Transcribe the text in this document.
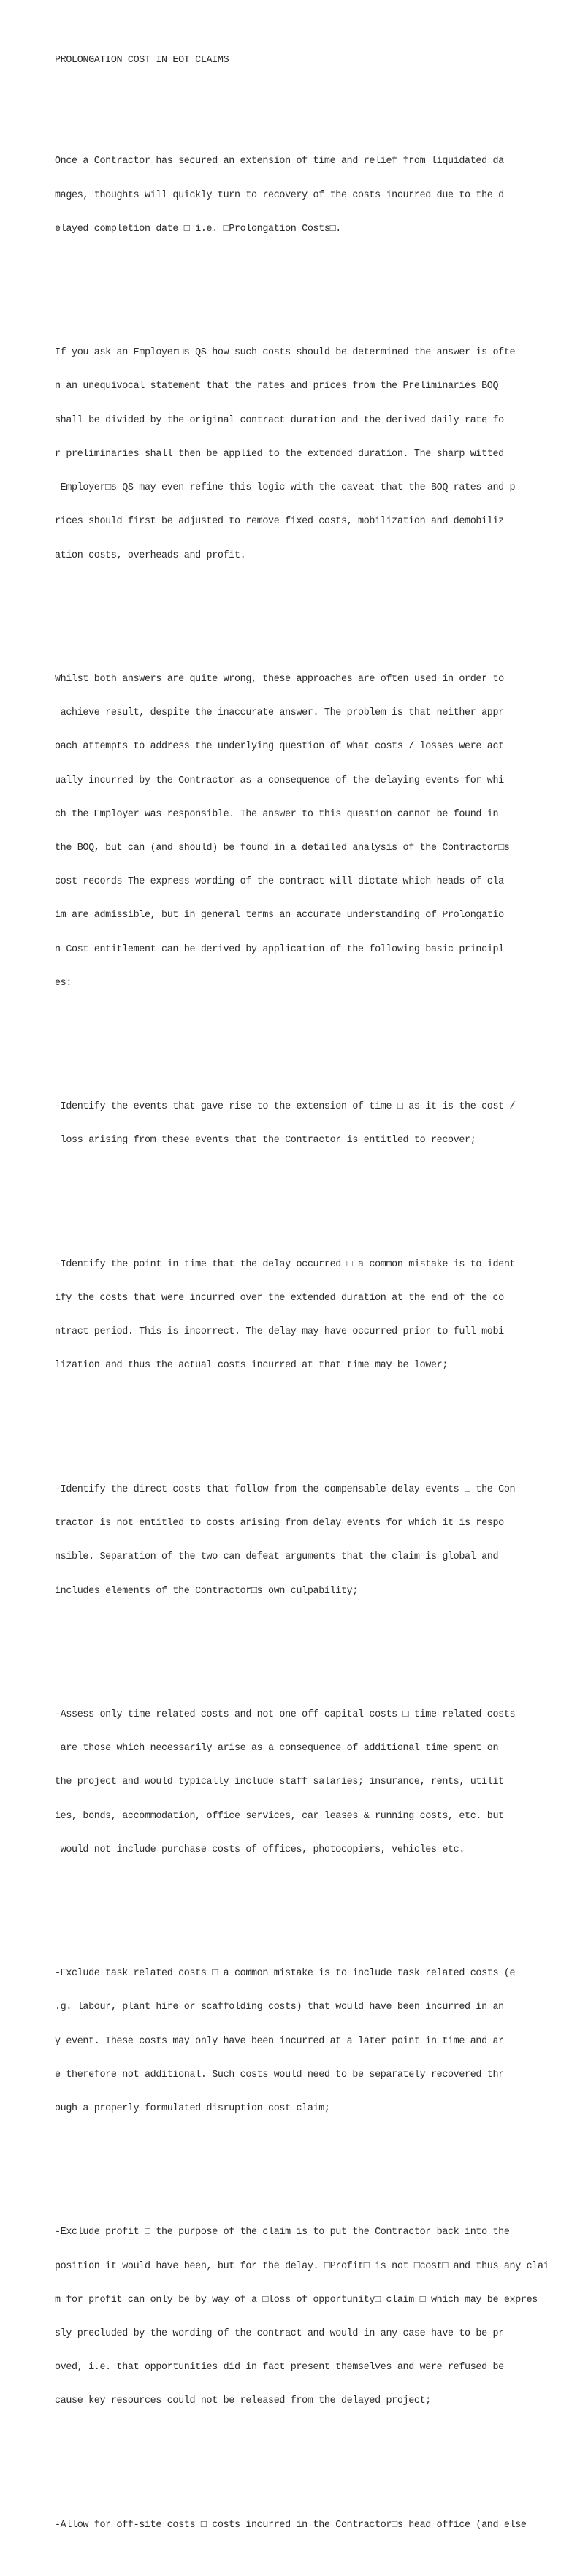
PROLONGATION COST IN EOT CLAIMS

Once a Contractor has secured an extension of time and relief from liquidated da

mages, thoughts will quickly turn to recovery of the costs incurred due to the d

elayed completion date □ i.e. □Prolongation Costs□.

If you ask an Employer□s QS how such costs should be determined the answer is ofte

n an unequivocal statement that the rates and prices from the Preliminaries BOQ

shall be divided by the original contract duration and the derived daily rate fo

r preliminaries shall then be applied to the extended duration. The sharp witted

Employer□s QS may even refine this logic with the caveat that the BOQ rates and p

rices should first be adjusted to remove fixed costs, mobilization and demobiliz

ation costs, overheads and profit.

Whilst both answers are quite wrong, these approaches are often used in order to

achieve result, despite the inaccurate answer. The problem is that neither appr

oach attempts to address the underlying question of what costs / losses were act

ually incurred by the Contractor as a consequence of the delaying events for whi

ch the Employer was responsible. The answer to this question cannot be found in

the BOQ, but can (and should) be found in a detailed analysis of the Contractor□s

cost records The express wording of the contract will dictate which heads of cla

im are admissible, but in general terms an accurate understanding of Prolongatio

n Cost entitlement can be derived by application of the following basic principl

es:

-Identify the events that gave rise to the extension of time □ as it is the cost /

loss arising from these events that the Contractor is entitled to recover;

-Identify the point in time that the delay occurred □ a common mistake is to ident

ify the costs that were incurred over the extended duration at the end of the co

ntract period. This is incorrect. The delay may have occurred prior to full mobi

lization and thus the actual costs incurred at that time may be lower;

-Identify the direct costs that follow from the compensable delay events □ the Con

tractor is not entitled to costs arising from delay events for which it is respo

nsible. Separation of the two can defeat arguments that the claim is global and

includes elements of the Contractor□s own culpability;

-Assess only time related costs and not one off capital costs □ time related costs

are those which necessarily arise as a consequence of additional time spent on

the project and would typically include staff salaries; insurance, rents, utilit

ies, bonds, accommodation, office services, car leases & running costs, etc. but

would not include purchase costs of offices, photocopiers, vehicles etc.

-Exclude task related costs □ a common mistake is to include task related costs (e

.g. labour, plant hire or scaffolding costs) that would have been incurred in an

y event. These costs may only have been incurred at a later point in time and ar

e therefore not additional. Such costs would need to be separately recovered thr

ough a properly formulated disruption cost claim;

-Exclude profit □ the purpose of the claim is to put the Contractor back into the

position it would have been, but for the delay. □Profit□ is not □cost□ and thus any clai

m for profit can only be by way of a □loss of opportunity□ claim □ which may be expres

sly precluded by the wording of the contract and would in any case have to be pr

oved, i.e. that opportunities did in fact present themselves and were refused be

cause key resources could not be released from the delayed project;

-Allow for off-site costs □ costs incurred in the Contractor□s head office (and else
